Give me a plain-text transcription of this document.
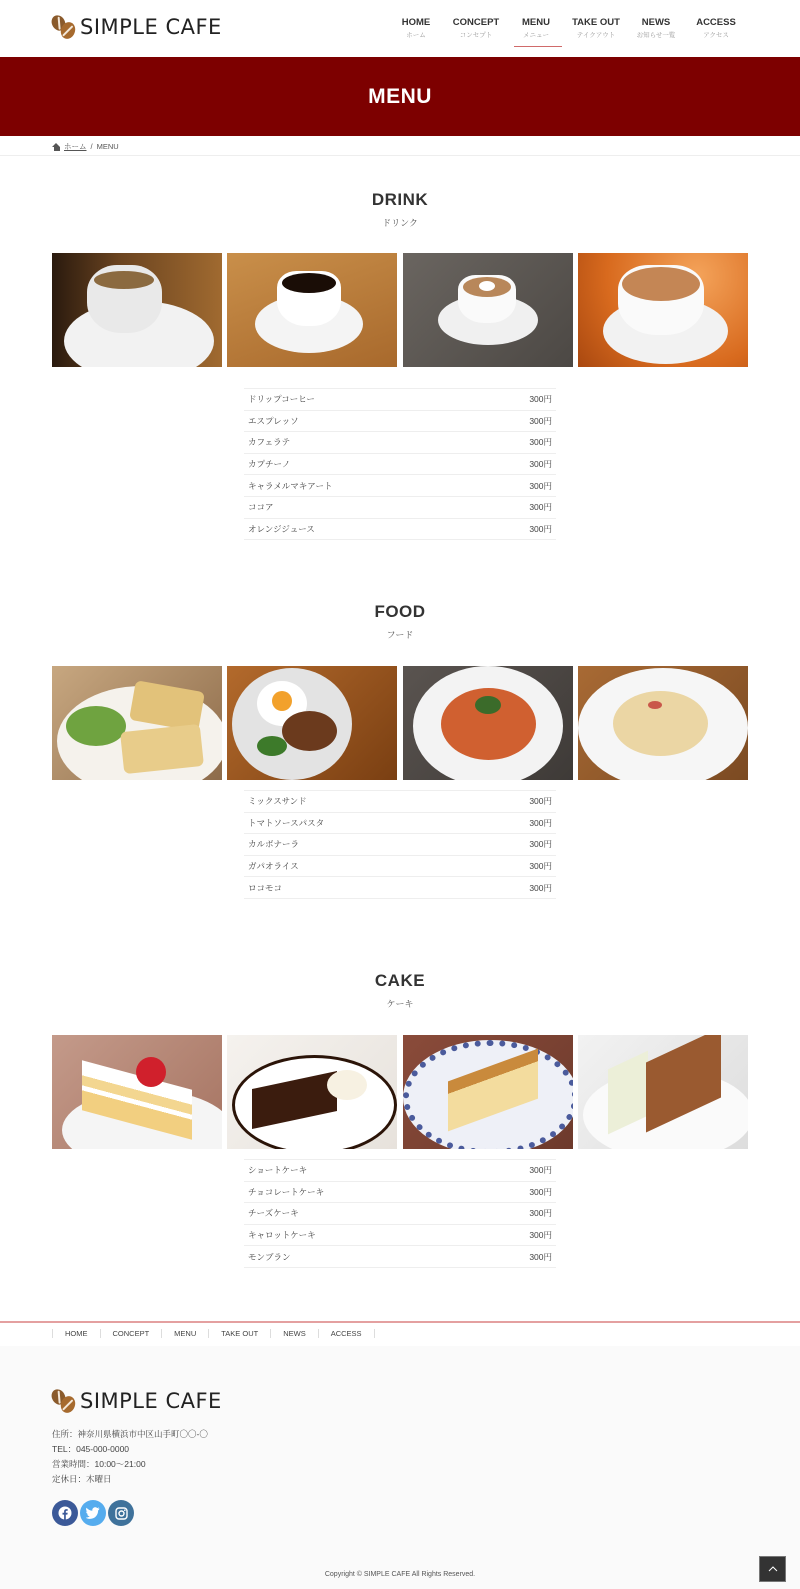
SIMPLE CAFE	HOME
ホーム
CONCEPT
コンセプト
MENU
メニュー
TAKE OUT
テイクアウト
NEWS
お知らせ一覧
ACCESS
アクセス
MENU
ホーム / MENU
DRINK
ドリンク
ドリップコーヒー	300円
エスプレッソ	300円
カフェラテ	300円
カプチーノ	300円
キャラメルマキアート	300円
ココア	300円
オレンジジュース	300円
FOOD
フード
ミックスサンド	300円
トマトソースパスタ	300円
カルボナーラ	300円
ガパオライス	300円
ロコモコ	300円
CAKE
ケーキ
ショートケーキ	300円
チョコレートケーキ	300円
チーズケーキ	300円
キャロットケーキ	300円
モンブラン	300円
HOME	CONCEPT	MENU	TAKE OUT	NEWS	ACCESS
SIMPLE CAFE
住所：神奈川県横浜市中区山手町〇〇-〇
TEL：045-000-0000
営業時間：10:00〜21:00
定休日：木曜日
Copyright © SIMPLE CAFE All Rights Reserved.
